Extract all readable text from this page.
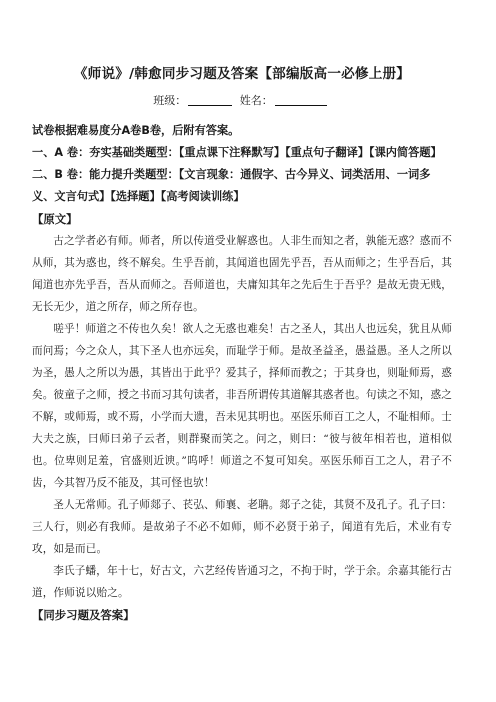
《师说》/韩愈同步习题及答案【部编版高一必修上册】
班级：	姓名：

试卷根据难易度分A卷B卷，后附有答案。

一、A 卷：夯实基础类题型：【重点课下注释默写】【重点句子翻译】【课内简答题】

二、B 卷：能力提升类题型：【文言现象：通假字、古今异义、词类活用、一词多义、文言句式】【选择题】【高考阅读训练】

【原文】

古之学者必有师。师者，所以传道受业解惑也。人非生而知之者，孰能无惑？惑而不从师，其为惑也，终不解矣。生乎吾前，其闻道也固先乎吾，吾从而师之；生乎吾后，其闻道也亦先乎吾，吾从而师之。吾师道也，夫庸知其年之先后生于吾乎？是故无贵无贱，无长无少，道之所存，师之所存也。

嗟乎！师道之不传也久矣！欲人之无惑也难矣！古之圣人，其出人也远矣，犹且从师而问焉；今之众人，其下圣人也亦远矣，而耻学于师。是故圣益圣，愚益愚。圣人之所以为圣，愚人之所以为愚，其皆出于此乎？爱其子，择师而教之；于其身也，则耻师焉，惑矣。彼童子之师，授之书而习其句读者，非吾所谓传其道解其惑者也。句读之不知，惑之不解，或师焉，或不焉，小学而大遗，吾未见其明也。巫医乐师百工之人，不耻相师。士大夫之族，曰师曰弟子云者，则群聚而笑之。问之，则曰：“彼与彼年相若也，道相似也。位卑则足羞，官盛则近谀。”呜呼！师道之不复可知矣。巫医乐师百工之人，君子不齿，今其智乃反不能及，其可怪也欤！

圣人无常师。孔子师郯子、苌弘、师襄、老聃。郯子之徒，其贤不及孔子。孔子曰：三人行，则必有我师。是故弟子不必不如师，师不必贤于弟子，闻道有先后，术业有专攻，如是而已。

李氏子蟠，年十七，好古文，六艺经传皆通习之，不拘于时，学于余。余嘉其能行古道，作师说以贻之。

【同步习题及答案】
